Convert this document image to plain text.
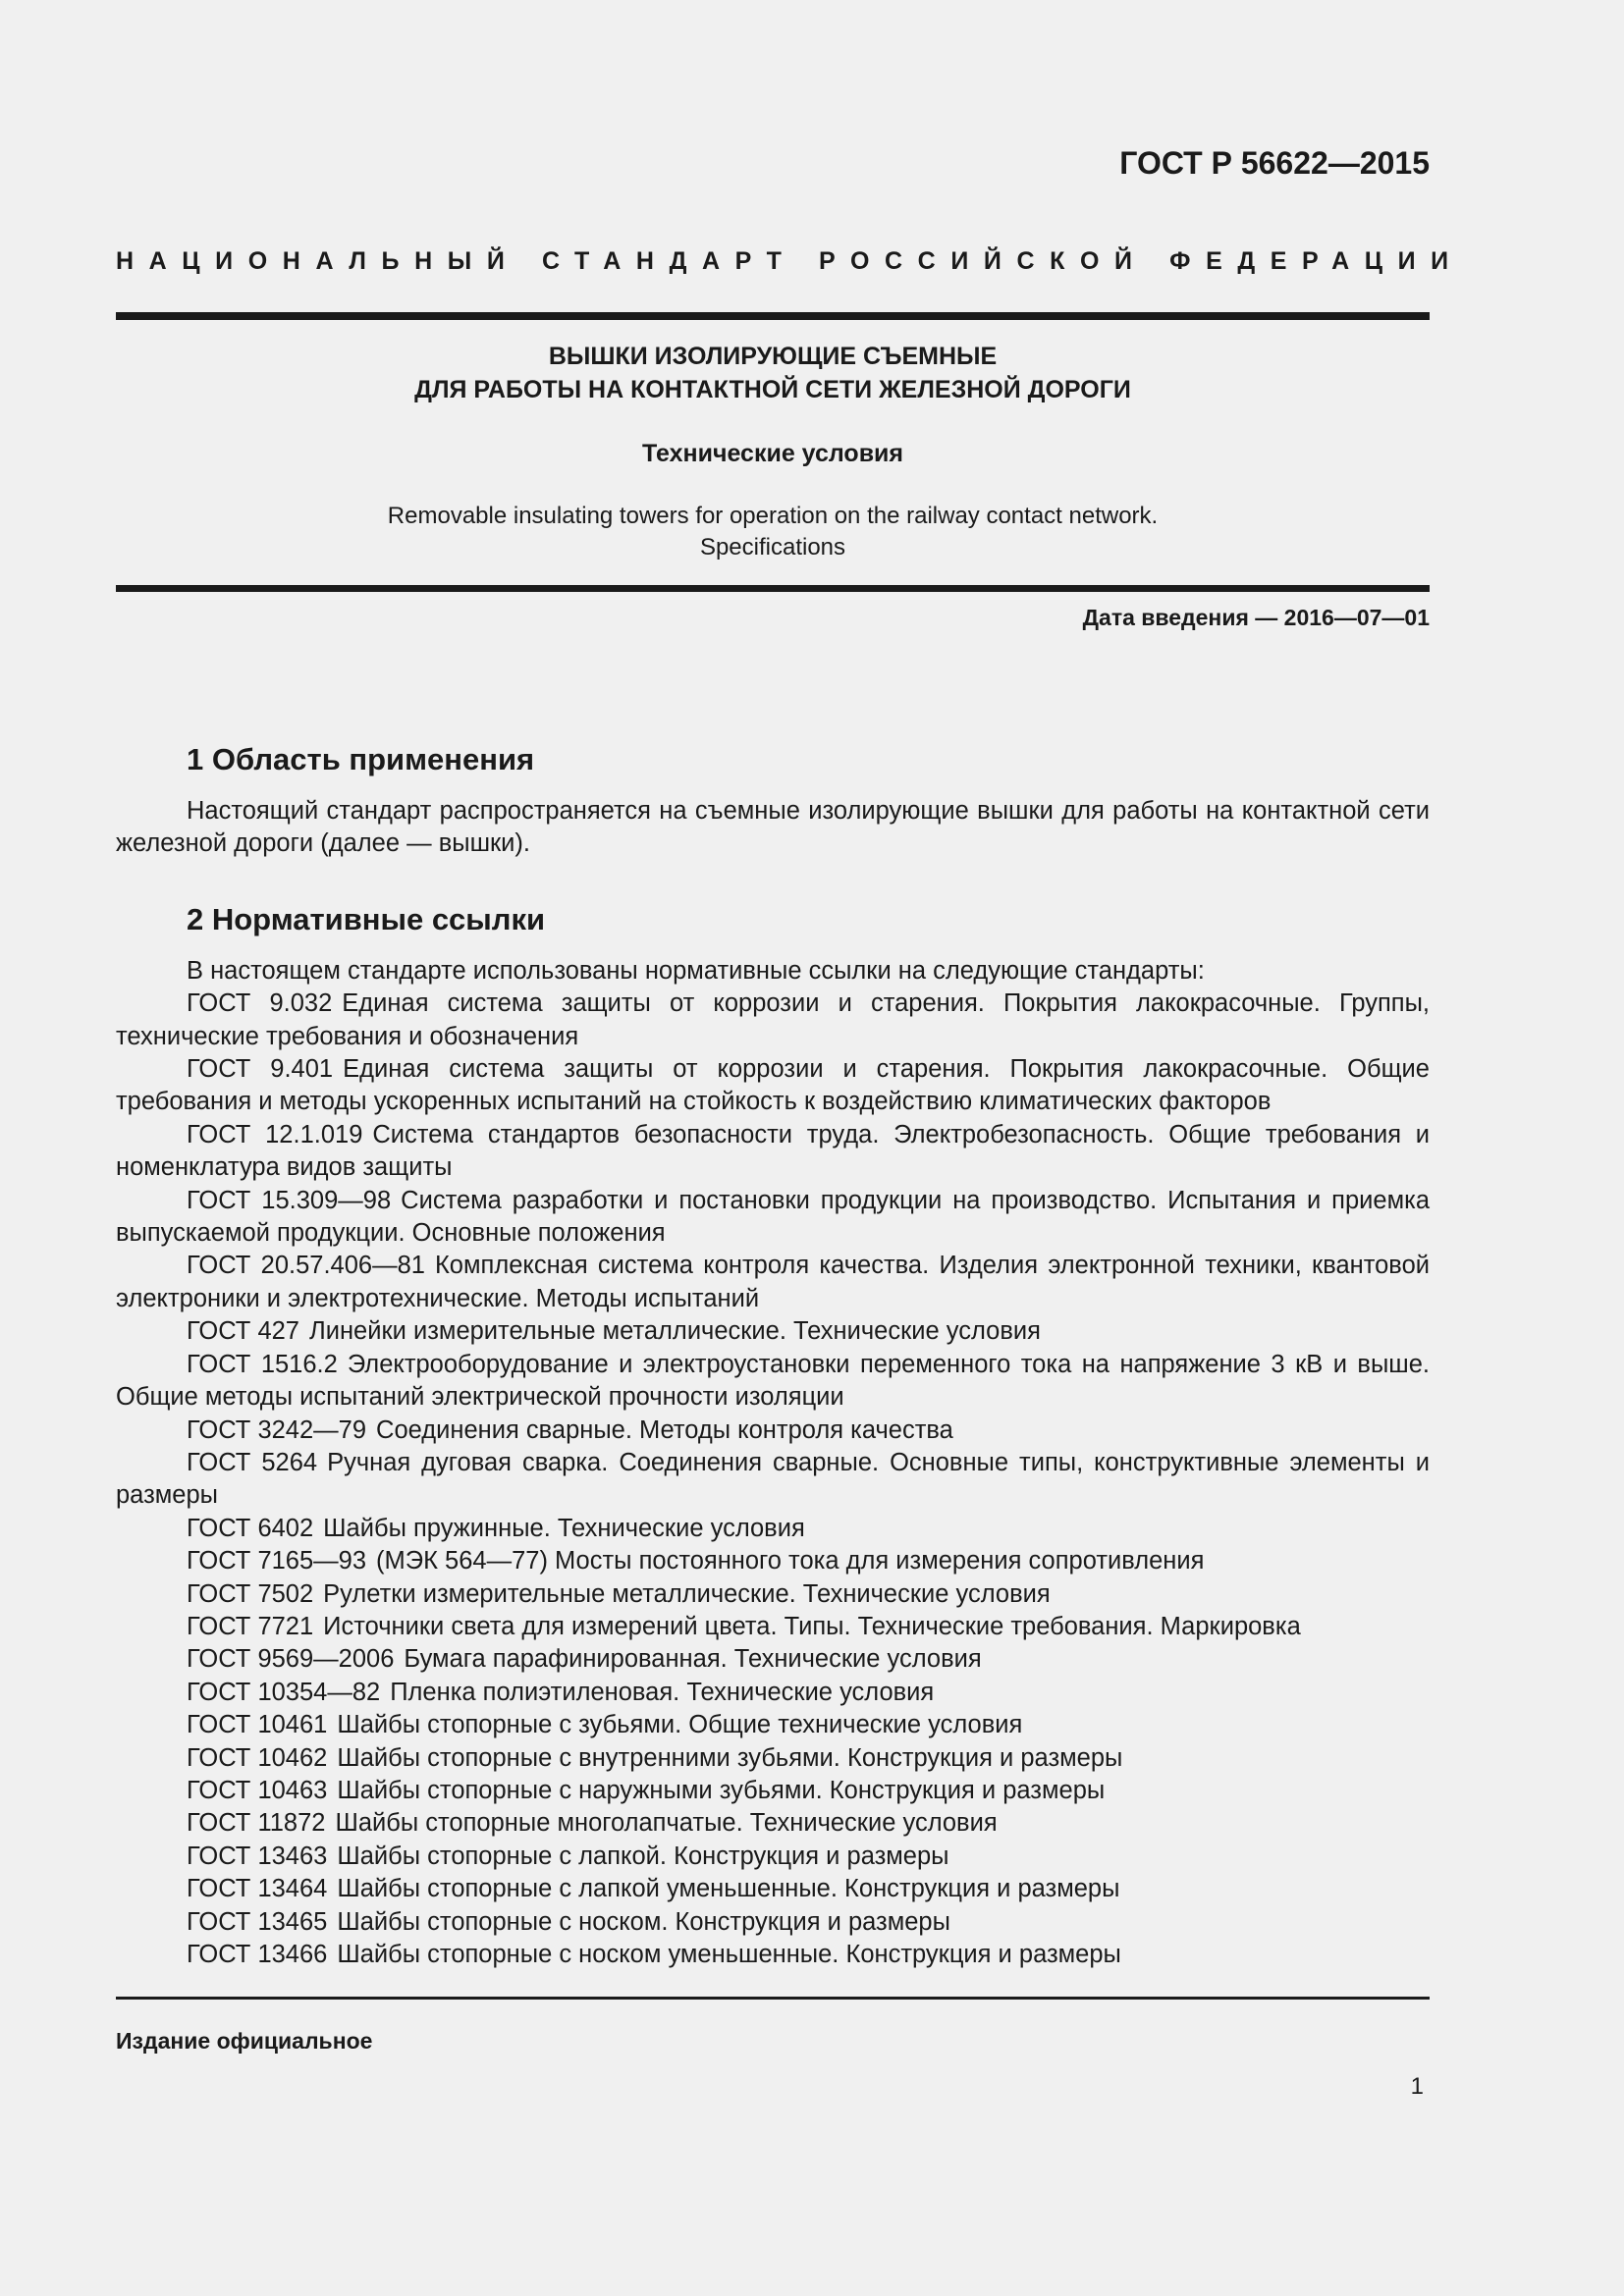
ГОСТ Р 56622—2015

НАЦИОНАЛЬНЫЙ СТАНДАРТ РОССИЙСКОЙ ФЕДЕРАЦИИ

ВЫШКИ ИЗОЛИРУЮЩИЕ СЪЕМНЫЕ

ДЛЯ РАБОТЫ НА КОНТАКТНОЙ СЕТИ ЖЕЛЕЗНОЙ ДОРОГИ

Технические условия

Removable insulating towers for operation on the railway contact network.
Specifications

Дата введения — 2016—07—01

1 Область применения

Настоящий стандарт распространяется на съемные изолирующие вышки для работы на контактной сети железной дороги (далее — вышки).

2 Нормативные ссылки

В настоящем стандарте использованы нормативные ссылки на следующие стандарты:

ГОСТ 9.032 Единая система защиты от коррозии и старения. Покрытия лакокрасочные. Группы, технические требования и обозначения

ГОСТ 9.401 Единая система защиты от коррозии и старения. Покрытия лакокрасочные. Общие требования и методы ускоренных испытаний на стойкость к воздействию климатических факторов

ГОСТ 12.1.019 Система стандартов безопасности труда. Электробезопасность. Общие требования и номенклатура видов защиты

ГОСТ 15.309—98 Система разработки и постановки продукции на производство. Испытания и приемка выпускаемой продукции. Основные положения

ГОСТ 20.57.406—81 Комплексная система контроля качества. Изделия электронной техники, квантовой электроники и электротехнические. Методы испытаний

ГОСТ 427 Линейки измерительные металлические. Технические условия

ГОСТ 1516.2 Электрооборудование и электроустановки переменного тока на напряжение 3 кВ и выше. Общие методы испытаний электрической прочности изоляции

ГОСТ 3242—79 Соединения сварные. Методы контроля качества

ГОСТ 5264 Ручная дуговая сварка. Соединения сварные. Основные типы, конструктивные элементы и размеры

ГОСТ 6402 Шайбы пружинные. Технические условия

ГОСТ 7165—93 (МЭК 564—77) Мосты постоянного тока для измерения сопротивления

ГОСТ 7502 Рулетки измерительные металлические. Технические условия

ГОСТ 7721 Источники света для измерений цвета. Типы. Технические требования. Маркировка

ГОСТ 9569—2006 Бумага парафинированная. Технические условия

ГОСТ 10354—82 Пленка полиэтиленовая. Технические условия

ГОСТ 10461 Шайбы стопорные с зубьями. Общие технические условия

ГОСТ 10462 Шайбы стопорные с внутренними зубьями. Конструкция и размеры

ГОСТ 10463 Шайбы стопорные с наружными зубьями. Конструкция и размеры

ГОСТ 11872 Шайбы стопорные многолапчатые. Технические условия

ГОСТ 13463 Шайбы стопорные с лапкой. Конструкция и размеры

ГОСТ 13464 Шайбы стопорные с лапкой уменьшенные. Конструкция и размеры

ГОСТ 13465 Шайбы стопорные с носком. Конструкция и размеры

ГОСТ 13466 Шайбы стопорные с носком уменьшенные. Конструкция и размеры

Издание официальное

1
